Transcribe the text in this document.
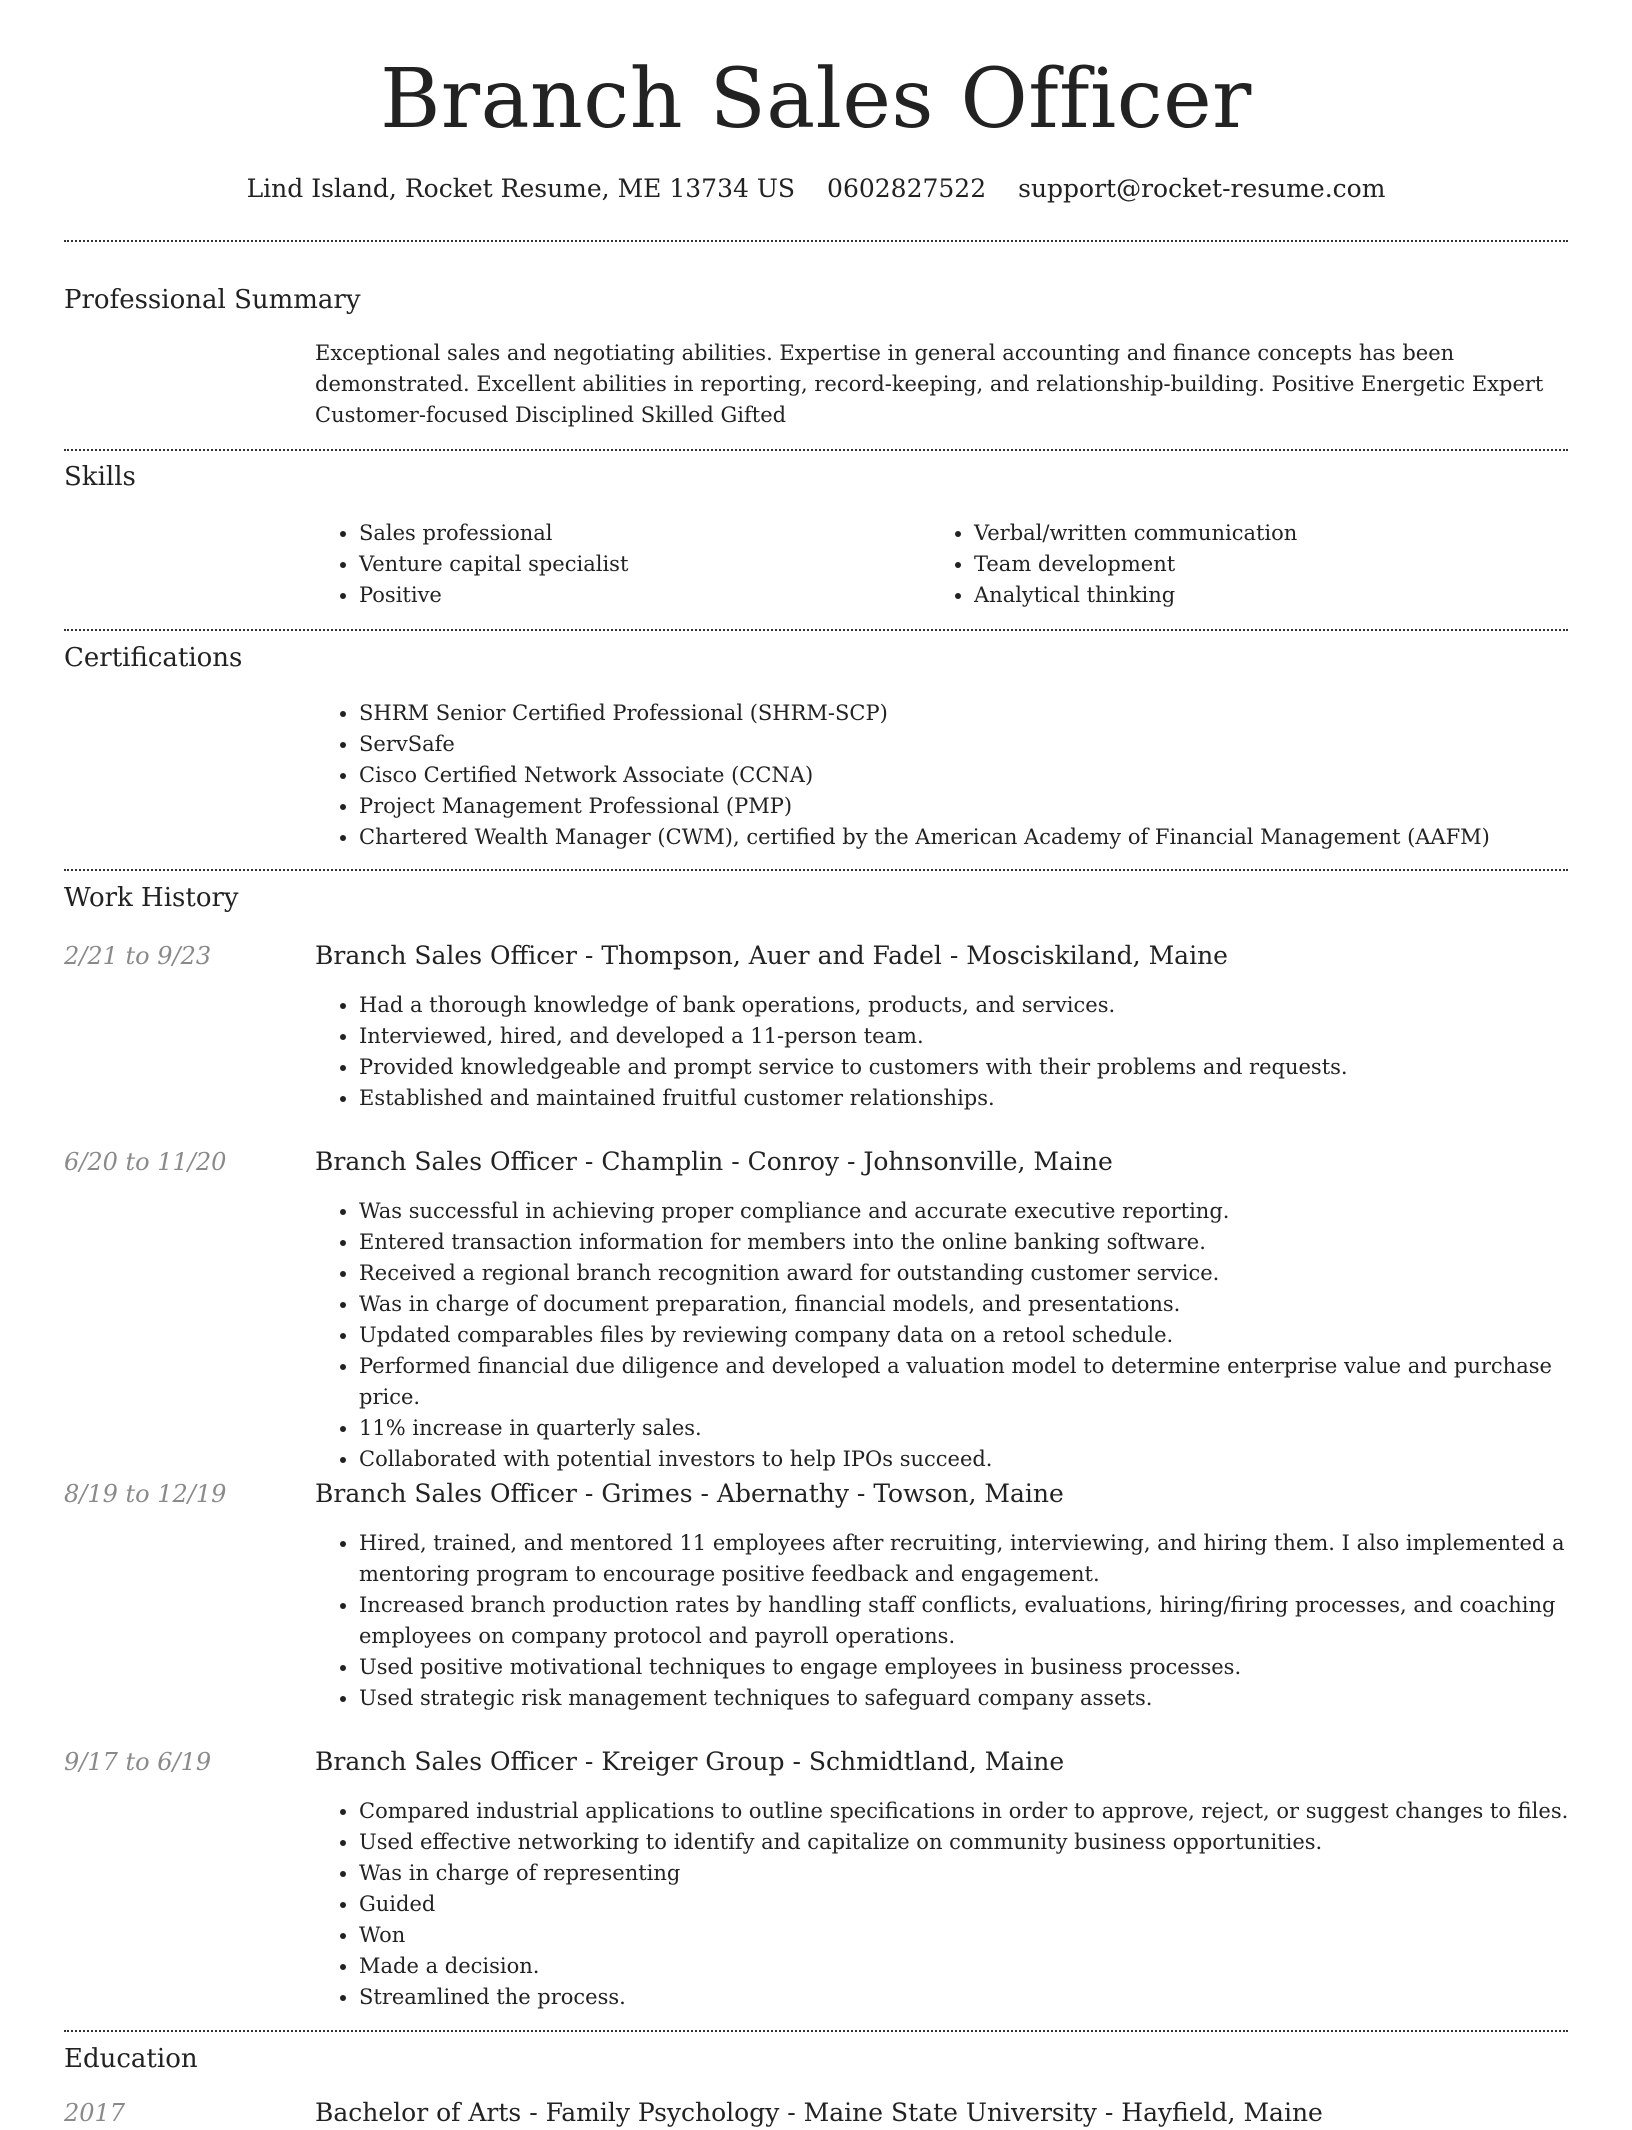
Branch Sales Officer
Lind Island, Rocket Resume, ME 13734 US 0602827522 support@rocket-resume.com
Professional Summary
Exceptional sales and negotiating abilities. Expertise in general accounting and finance concepts has been demonstrated. Excellent abilities in reporting, record-keeping, and relationship-building. Positive Energetic Expert Customer-focused Disciplined Skilled Gifted
Skills
• Sales professional
• Venture capital specialist
• Positive
• Verbal/written communication
• Team development
• Analytical thinking
Certifications
• SHRM Senior Certified Professional (SHRM-SCP)
• ServSafe
• Cisco Certified Network Associate (CCNA)
• Project Management Professional (PMP)
• Chartered Wealth Manager (CWM), certified by the American Academy of Financial Management (AAFM)
Work History
2/21 to 9/23	Branch Sales Officer - Thompson, Auer and Fadel - Mosciskiland, Maine
• Had a thorough knowledge of bank operations, products, and services.
• Interviewed, hired, and developed a 11-person team.
• Provided knowledgeable and prompt service to customers with their problems and requests.
• Established and maintained fruitful customer relationships.
6/20 to 11/20	Branch Sales Officer - Champlin - Conroy - Johnsonville, Maine
• Was successful in achieving proper compliance and accurate executive reporting.
• Entered transaction information for members into the online banking software.
• Received a regional branch recognition award for outstanding customer service.
• Was in charge of document preparation, financial models, and presentations.
• Updated comparables files by reviewing company data on a retool schedule.
• Performed financial due diligence and developed a valuation model to determine enterprise value and purchase price.
• 11% increase in quarterly sales.
• Collaborated with potential investors to help IPOs succeed.
8/19 to 12/19	Branch Sales Officer - Grimes - Abernathy - Towson, Maine
• Hired, trained, and mentored 11 employees after recruiting, interviewing, and hiring them. I also implemented a mentoring program to encourage positive feedback and engagement.
• Increased branch production rates by handling staff conflicts, evaluations, hiring/firing processes, and coaching employees on company protocol and payroll operations.
• Used positive motivational techniques to engage employees in business processes.
• Used strategic risk management techniques to safeguard company assets.
9/17 to 6/19	Branch Sales Officer - Kreiger Group - Schmidtland, Maine
• Compared industrial applications to outline specifications in order to approve, reject, or suggest changes to files.
• Used effective networking to identify and capitalize on community business opportunities.
• Was in charge of representing
• Guided
• Won
• Made a decision.
• Streamlined the process.
Education
2017	Bachelor of Arts - Family Psychology - Maine State University - Hayfield, Maine
